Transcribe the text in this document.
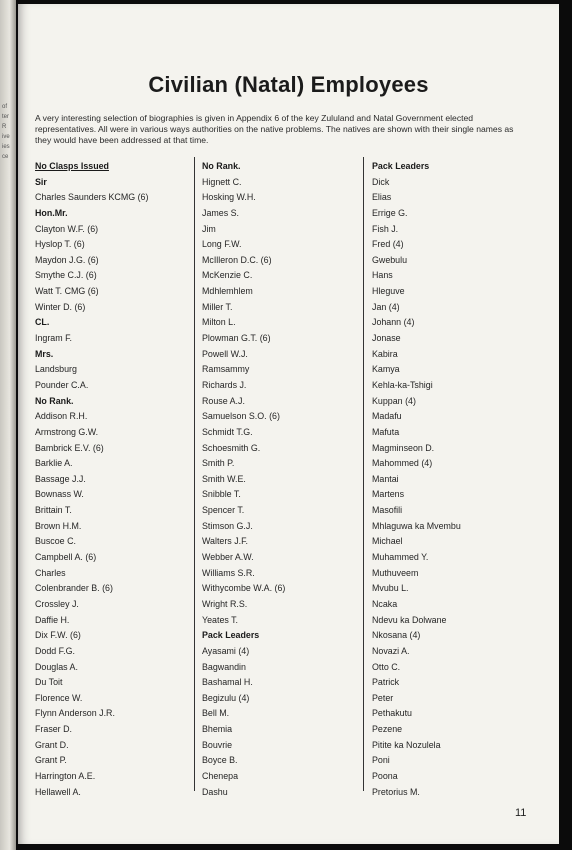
of
ter
R
ive
ies
ce
Civilian (Natal) Employees
A very interesting selection of biographies is given in Appendix 6 of the key Zululand and Natal Government elected representatives. All were in various ways authorities on the native problems. The natives are shown with their single names as they would have been addressed at that time.
No Clasps Issued
Sir
Charles Saunders KCMG (6)
Hon.Mr.
Clayton W.F. (6)
Hyslop T. (6)
Maydon J.G. (6)
Smythe C.J. (6)
Watt T. CMG (6)
Winter D. (6)
CL.
Ingram F.
Mrs.
Landsburg
Pounder C.A.
No Rank.
Addison R.H.
Armstrong G.W.
Bambrick E.V. (6)
Barklie A.
Bassage J.J.
Bownass W.
Brittain T.
Brown H.M.
Buscoe C.
Campbell A. (6)
Charles
Colenbrander B. (6)
Crossley J.
Daffie H.
Dix F.W. (6)
Dodd F.G.
Douglas A.
Du Toit
Florence W.
Flynn Anderson J.R.
Fraser D.
Grant D.
Grant P.
Harrington A.E.
Hellawell A.
No Rank.
Hignett C.
Hosking W.H.
James S.
Jim
Long F.W.
McIlleron D.C. (6)
McKenzie C.
Mdhlemhlem
Miller T.
Milton L.
Plowman G.T. (6)
Powell W.J.
Ramsammy
Richards J.
Rouse A.J.
Samuelson S.O. (6)
Schmidt T.G.
Schoesmith G.
Smith P.
Smith W.E.
Snibble T.
Spencer T.
Stimson G.J.
Walters J.F.
Webber A.W.
Williams S.R.
Withycombe W.A. (6)
Wright R.S.
Yeates T.
Pack Leaders
Ayasami (4)
Bagwandin
Bashamal H.
Begizulu (4)
Bell M.
Bhemia
Bouvrie
Boyce B.
Chenepa
Dashu
Pack Leaders
Dick
Elias
Errige G.
Fish J.
Fred (4)
Gwebulu
Hans
Hleguve
Jan (4)
Johann (4)
Jonase
Kabira
Kamya
Kehla-ka-Tshigi
Kuppan (4)
Madafu
Mafuta
Magminseon D.
Mahommed (4)
Mantai
Martens
Masofili
Mhlaguwa ka Mvembu
Michael
Muhammed Y.
Muthuveem
Mvubu L.
Ncaka
Ndevu ka Dolwane
Nkosana (4)
Novazi A.
Otto C.
Patrick
Peter
Pethakutu
Pezene
Pitite ka Nozulela
Poni
Poona
Pretorius M.
11
